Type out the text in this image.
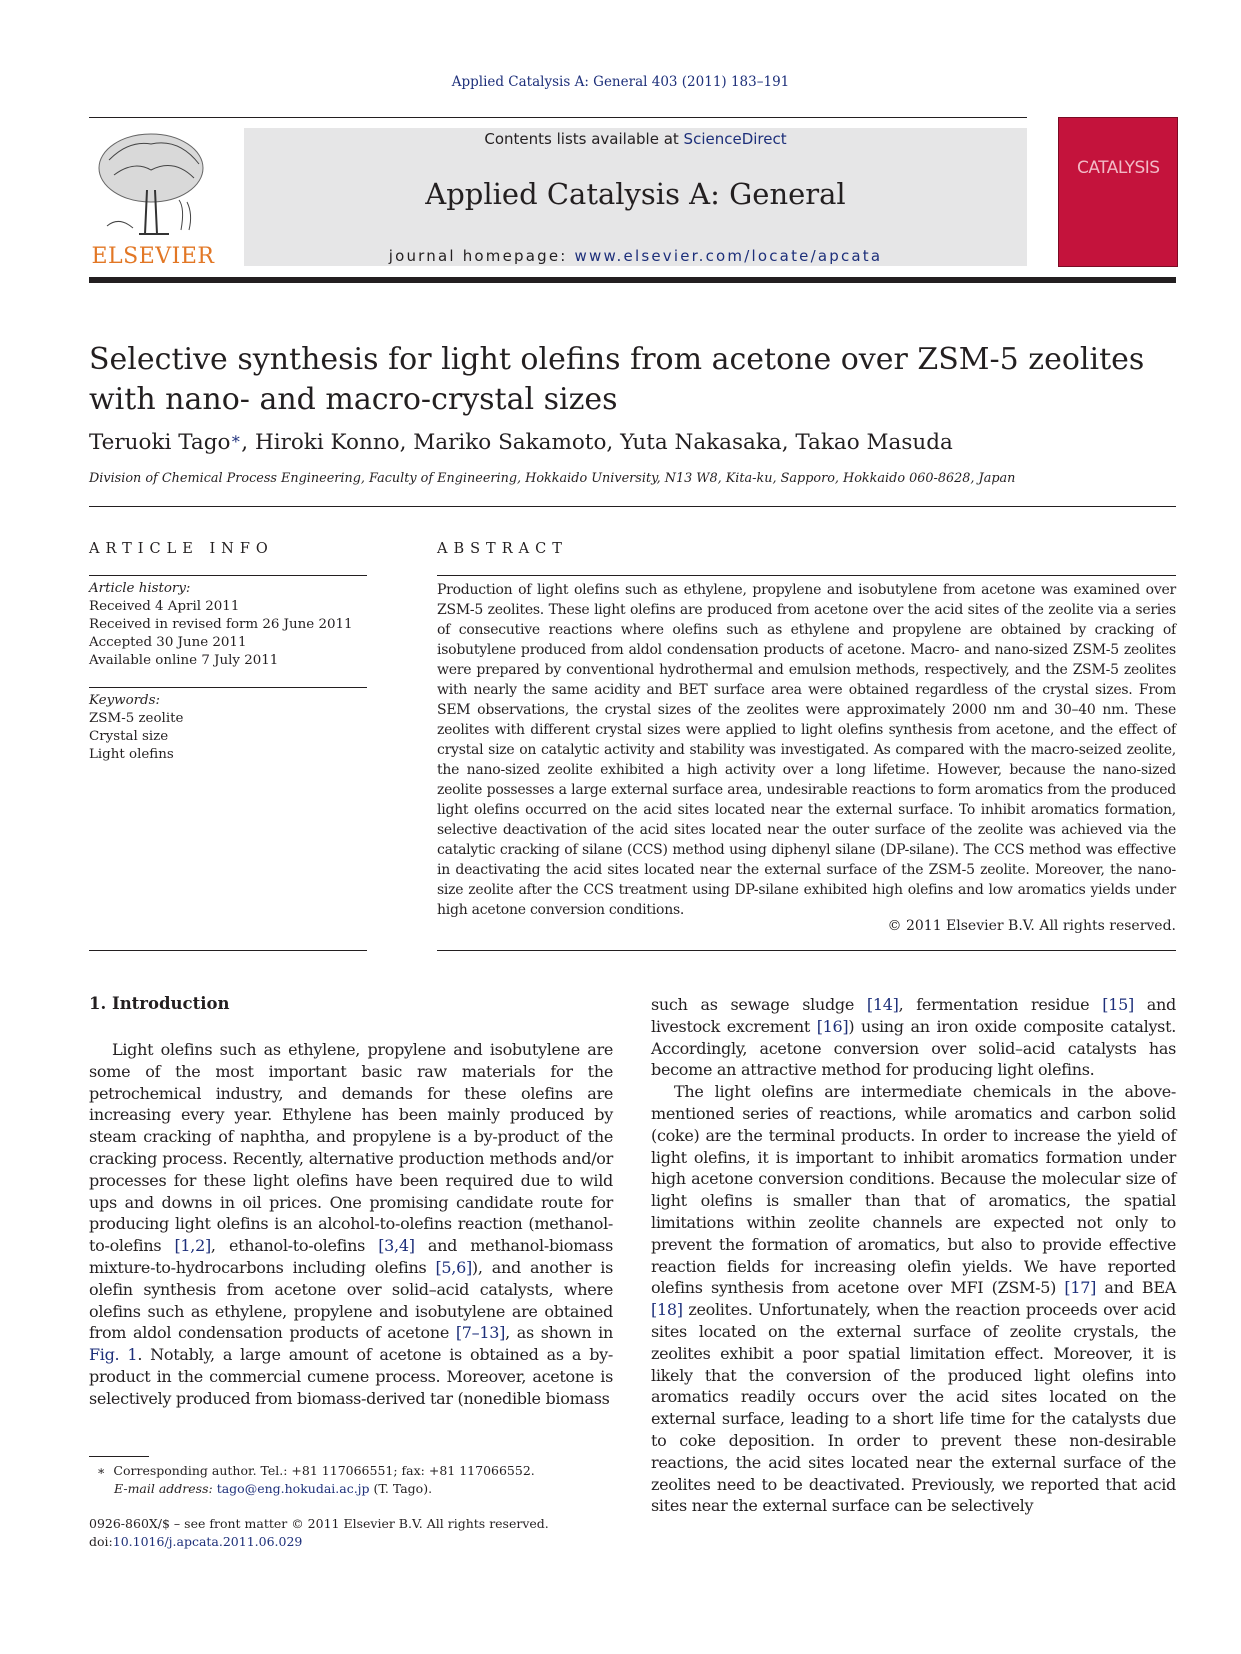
Applied Catalysis A: General 403 (2011) 183–191
ELSEVIER
Contents lists available at ScienceDirect
Applied Catalysis A: General
journal homepage: www.elsevier.com/locate/apcata
CATALYSIS
Selective synthesis for light olefins from acetone over ZSM-5 zeolites with nano- and macro-crystal sizes
Teruoki Tago∗, Hiroki Konno, Mariko Sakamoto, Yuta Nakasaka, Takao Masuda
Division of Chemical Process Engineering, Faculty of Engineering, Hokkaido University, N13 W8, Kita-ku, Sapporo, Hokkaido 060-8628, Japan
ARTICLE INFO
Article history:
Received 4 April 2011
Received in revised form 26 June 2011
Accepted 30 June 2011
Available online 7 July 2011
Keywords:
ZSM-5 zeolite
Crystal size
Light olefins
ABSTRACT
Production of light olefins such as ethylene, propylene and isobutylene from acetone was examined over ZSM-5 zeolites. These light olefins are produced from acetone over the acid sites of the zeolite via a series of consecutive reactions where olefins such as ethylene and propylene are obtained by cracking of isobutylene produced from aldol condensation products of acetone. Macro- and nano-sized ZSM-5 zeolites were prepared by conventional hydrothermal and emulsion methods, respectively, and the ZSM-5 zeolites with nearly the same acidity and BET surface area were obtained regardless of the crystal sizes. From SEM observations, the crystal sizes of the zeolites were approximately 2000 nm and 30–40 nm. These zeolites with different crystal sizes were applied to light olefins synthesis from acetone, and the effect of crystal size on catalytic activity and stability was investigated. As compared with the macro-seized zeolite, the nano-sized zeolite exhibited a high activity over a long lifetime. However, because the nano-sized zeolite possesses a large external surface area, undesirable reactions to form aromatics from the produced light olefins occurred on the acid sites located near the external surface. To inhibit aromatics formation, selective deactivation of the acid sites located near the outer surface of the zeolite was achieved via the catalytic cracking of silane (CCS) method using diphenyl silane (DP-silane). The CCS method was effective in deactivating the acid sites located near the external surface of the ZSM-5 zeolite. Moreover, the nano-size zeolite after the CCS treatment using DP-silane exhibited high olefins and low aromatics yields under high acetone conversion conditions.
© 2011 Elsevier B.V. All rights reserved.
1. Introduction
Light olefins such as ethylene, propylene and isobutylene are some of the most important basic raw materials for the petrochemical industry, and demands for these olefins are increasing every year. Ethylene has been mainly produced by steam cracking of naphtha, and propylene is a by-product of the cracking process. Recently, alternative production methods and/or processes for these light olefins have been required due to wild ups and downs in oil prices. One promising candidate route for producing light olefins is an alcohol-to-olefins reaction (methanol-to-olefins [1,2], ethanol-to-olefins [3,4] and methanol-biomass mixture-to-hydrocarbons including olefins [5,6]), and another is olefin synthesis from acetone over solid–acid catalysts, where olefins such as ethylene, propylene and isobutylene are obtained from aldol condensation products of acetone [7–13], as shown in Fig. 1. Notably, a large amount of acetone is obtained as a by-product in the commercial cumene process. Moreover, acetone is selectively produced from biomass-derived tar (nonedible biomass

such as sewage sludge [14], fermentation residue [15] and livestock excrement [16]) using an iron oxide composite catalyst. Accordingly, acetone conversion over solid–acid catalysts has become an attractive method for producing light olefins.

The light olefins are intermediate chemicals in the above-mentioned series of reactions, while aromatics and carbon solid (coke) are the terminal products. In order to increase the yield of light olefins, it is important to inhibit aromatics formation under high acetone conversion conditions. Because the molecular size of light olefins is smaller than that of aromatics, the spatial limitations within zeolite channels are expected not only to prevent the formation of aromatics, but also to provide effective reaction fields for increasing olefin yields. We have reported olefins synthesis from acetone over MFI (ZSM-5) [17] and BEA [18] zeolites. Unfortunately, when the reaction proceeds over acid sites located on the external surface of zeolite crystals, the zeolites exhibit a poor spatial limitation effect. Moreover, it is likely that the conversion of the produced light olefins into aromatics readily occurs over the acid sites located on the external surface, leading to a short life time for the catalysts due to coke deposition. In order to prevent these non-desirable reactions, the acid sites located near the external surface of the zeolites need to be deactivated. Previously, we reported that acid sites near the external surface can be selectively

∗ Corresponding author. Tel.: +81 117066551; fax: +81 117066552.
E-mail address: tago@eng.hokudai.ac.jp (T. Tago).
0926-860X/$ – see front matter © 2011 Elsevier B.V. All rights reserved.
doi:10.1016/j.apcata.2011.06.029
